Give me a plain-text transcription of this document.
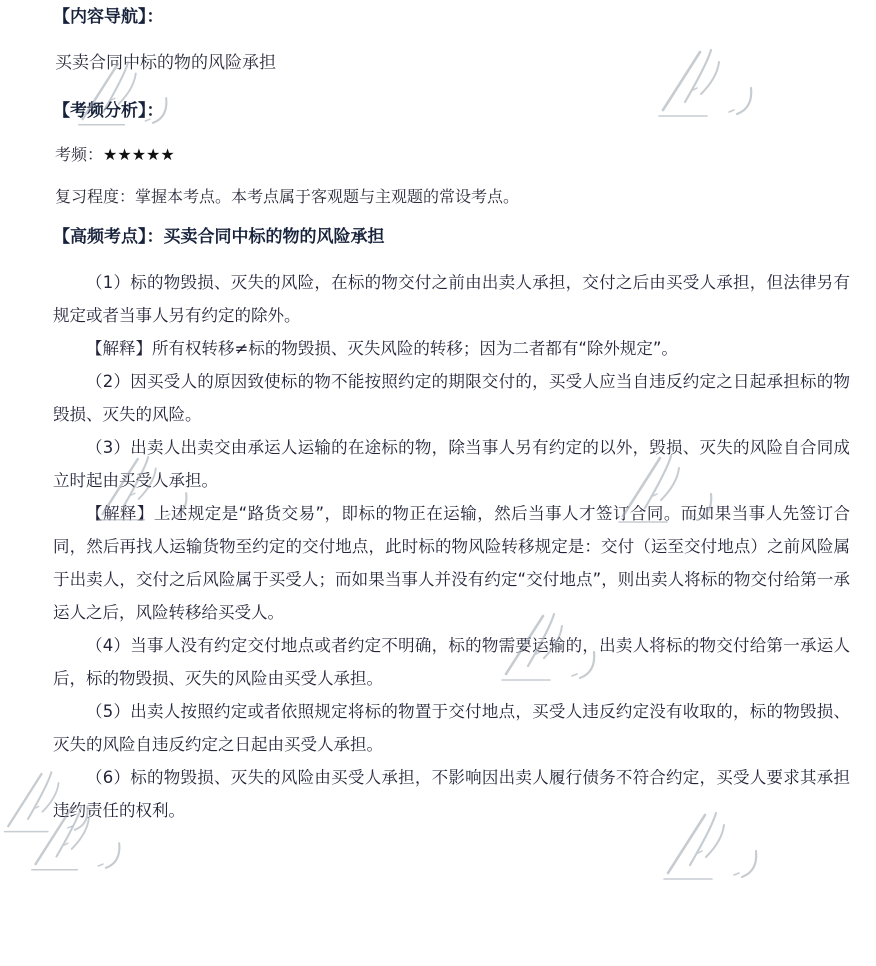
【内容导航】：

买卖合同中标的物的风险承担

【考频分析】：

考频：★★★★★

复习程度：掌握本考点。本考点属于客观题与主观题的常设考点。

【高频考点】：买卖合同中标的物的风险承担

（1）标的物毁损、灭失的风险，在标的物交付之前由出卖人承担，交付之后由买受人承担，但法律另有规定或者当事人另有约定的除外。

【解释】所有权转移≠标的物毁损、灭失风险的转移；因为二者都有“除外规定”。

（2）因买受人的原因致使标的物不能按照约定的期限交付的，买受人应当自违反约定之日起承担标的物毁损、灭失的风险。

（3）出卖人出卖交由承运人运输的在途标的物，除当事人另有约定的以外，毁损、灭失的风险自合同成立时起由买受人承担。

【解释】上述规定是“路货交易”，即标的物正在运输，然后当事人才签订合同。而如果当事人先签订合同，然后再找人运输货物至约定的交付地点，此时标的物风险转移规定是：交付（运至交付地点）之前风险属于出卖人，交付之后风险属于买受人；而如果当事人并没有约定“交付地点”，则出卖人将标的物交付给第一承运人之后，风险转移给买受人。

（4）当事人没有约定交付地点或者约定不明确，标的物需要运输的，出卖人将标的物交付给第一承运人后，标的物毁损、灭失的风险由买受人承担。

（5）出卖人按照约定或者依照规定将标的物置于交付地点，买受人违反约定没有收取的，标的物毁损、灭失的风险自违反约定之日起由买受人承担。

（6）标的物毁损、灭失的风险由买受人承担，不影响因出卖人履行债务不符合约定，买受人要求其承担违约责任的权利。
